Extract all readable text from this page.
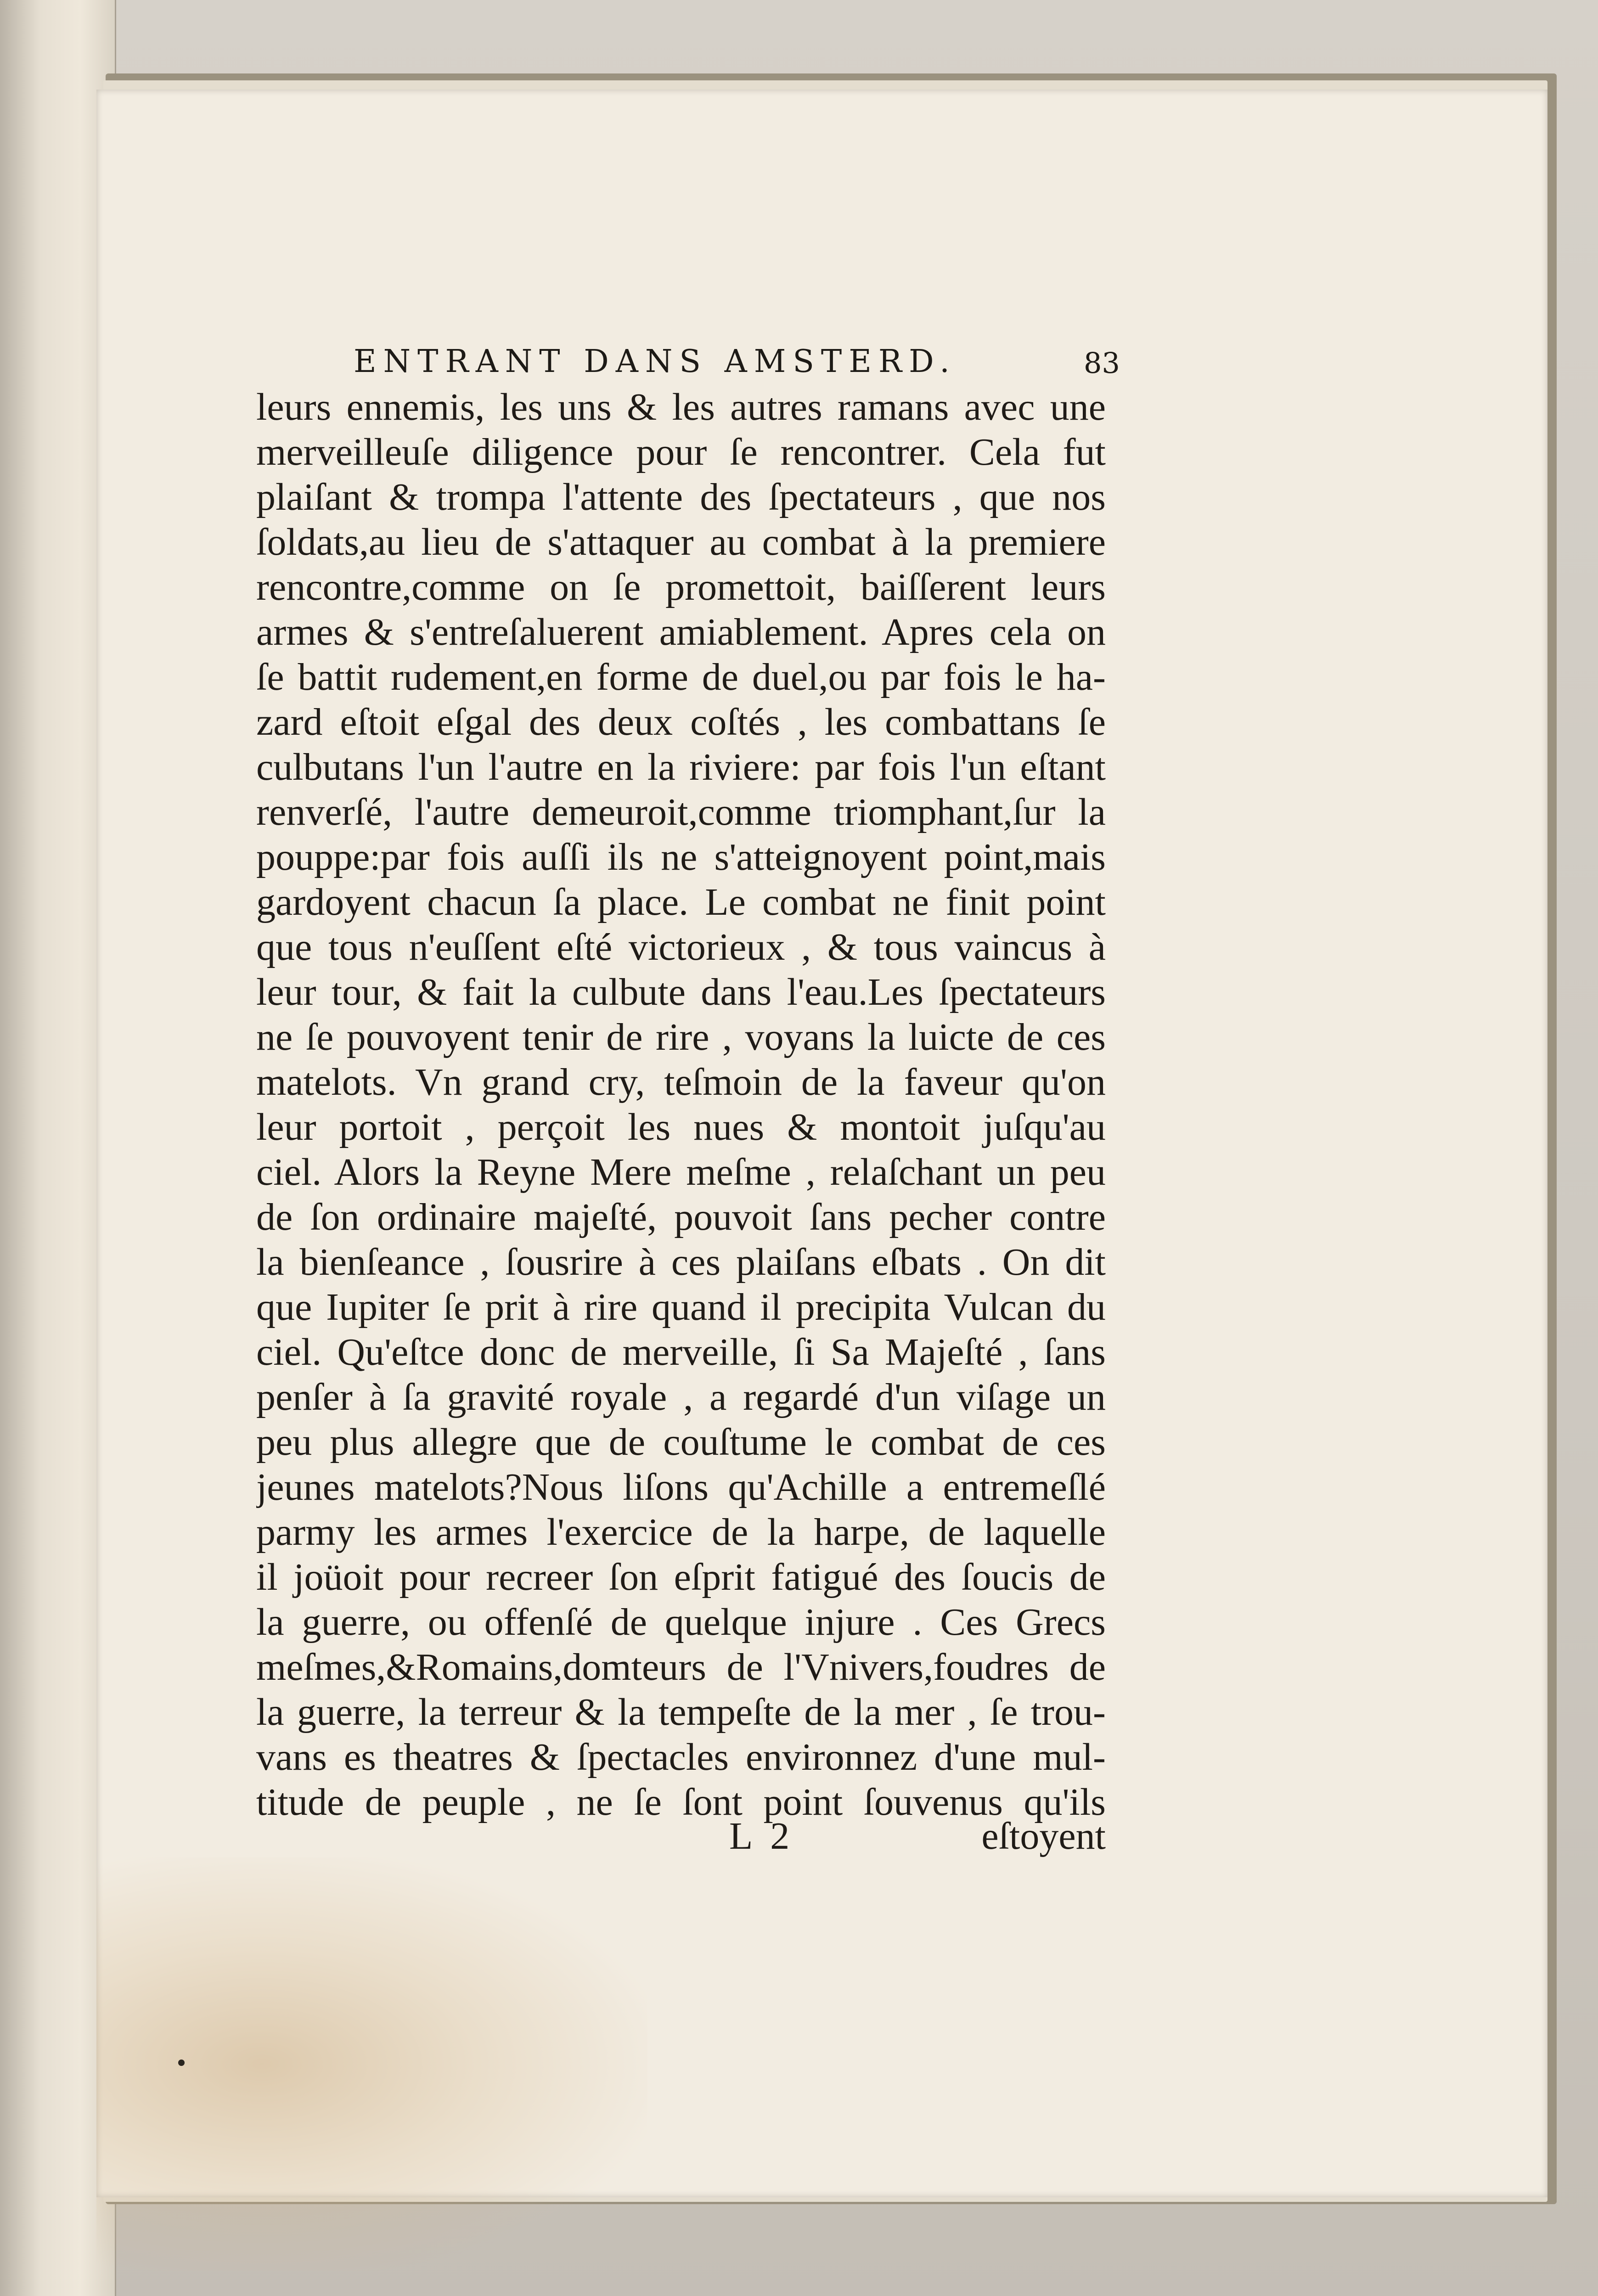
ENTRANT DANS AMSTERD.	83
leurs ennemis, les uns & les autres ramans avec une
merveilleuſe diligence pour ſe rencontrer. Cela fut
plaiſant & trompa l'attente des ſpectateurs , que nos
ſoldats,au lieu de s'attaquer au combat à la premiere
rencontre,comme on ſe promettoit, baiſſerent leurs
armes & s'entreſaluerent amiablement. Apres cela on
ſe battit rudement,en forme de duel,ou par fois le ha-
zard eſtoit eſgal des deux coſtés , les combattans ſe
culbutans l'un l'autre en la riviere: par fois l'un eſtant
renverſé, l'autre demeuroit,comme triomphant,ſur la
pouppe:par fois auſſi ils ne s'atteignoyent point,mais
gardoyent chacun ſa place. Le combat ne finit point
que tous n'euſſent eſté victorieux , & tous vaincus à
leur tour, & fait la culbute dans l'eau.Les ſpectateurs
ne ſe pouvoyent tenir de rire , voyans la luicte de ces
matelots. Vn grand cry, teſmoin de la faveur qu'on
leur portoit , perçoit les nues & montoit juſqu'au
ciel. Alors la Reyne Mere meſme , relaſchant un peu
de ſon ordinaire majeſté, pouvoit ſans pecher contre
la bienſeance , ſousrire à ces plaiſans eſbats . On dit
que Iupiter ſe prit à rire quand il precipita Vulcan du
ciel. Qu'eſtce donc de merveille, ſi Sa Majeſté , ſans
penſer à ſa gravité royale , a regardé d'un viſage un
peu plus allegre que de couſtume le combat de ces
jeunes matelots?Nous liſons qu'Achille a entremeſlé
parmy les armes l'exercice de la harpe, de laquelle
il joüoit pour recreer ſon eſprit fatigué des ſoucis de
la guerre, ou offenſé de quelque injure . Ces Grecs
meſmes,&Romains,domteurs de l'Vnivers,foudres de
la guerre, la terreur & la tempeſte de la mer , ſe trou-
vans es theatres & ſpectacles environnez d'une mul-
titude de peuple , ne ſe ſont point ſouvenus qu'ils
L 2	eſtoyent
